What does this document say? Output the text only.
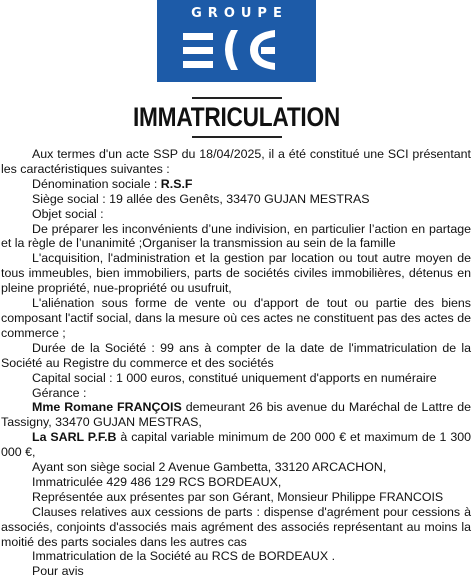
GROUPE
IMMATRICULATION

Aux termes d'un acte SSP du 18/04/2025, il a été constitué une SCI présentant les caractéristiques suivantes :

Dénomination sociale : R.S.F

Siège social : 19 allée des Genêts, 33470 GUJAN MESTRAS

Objet social :

De préparer les inconvénients d’une indivision, en particulier l’action en partage et la règle de l’unanimité ;Organiser la transmission au sein de la famille

L'acquisition, l'administration et la gestion par location ou tout autre moyen de tous immeubles, bien immobiliers, parts de sociétés civiles immobilières, détenus en pleine propriété, nue-propriété ou usufruit,

L'aliénation sous forme de vente ou d'apport de tout ou partie des biens composant l'actif social, dans la mesure où ces actes ne constituent pas des actes de commerce ;

Durée de la Société : 99 ans à compter de la date de l'immatriculation de la Société au Registre du commerce et des sociétés

Capital social : 1 000 euros, constitué uniquement d'apports en numéraire

Gérance :

Mme Romane FRANÇOIS demeurant 26 bis avenue du Maréchal de Lattre de Tassigny, 33470 GUJAN MESTRAS,

La SARL P.F.B à capital variable minimum de 200 000 € et maximum de 1 300 000 €,

Ayant son siège social 2 Avenue Gambetta, 33120 ARCACHON,

Immatriculée 429 486 129 RCS BORDEAUX,

Représentée aux présentes par son Gérant, Monsieur Philippe FRANCOIS

Clauses relatives aux cessions de parts : dispense d'agrément pour cessions à associés, conjoints d'associés mais agrément des associés représentant au moins la moitié des parts sociales dans les autres cas

Immatriculation de la Société au RCS de BORDEAUX .

Pour avis
